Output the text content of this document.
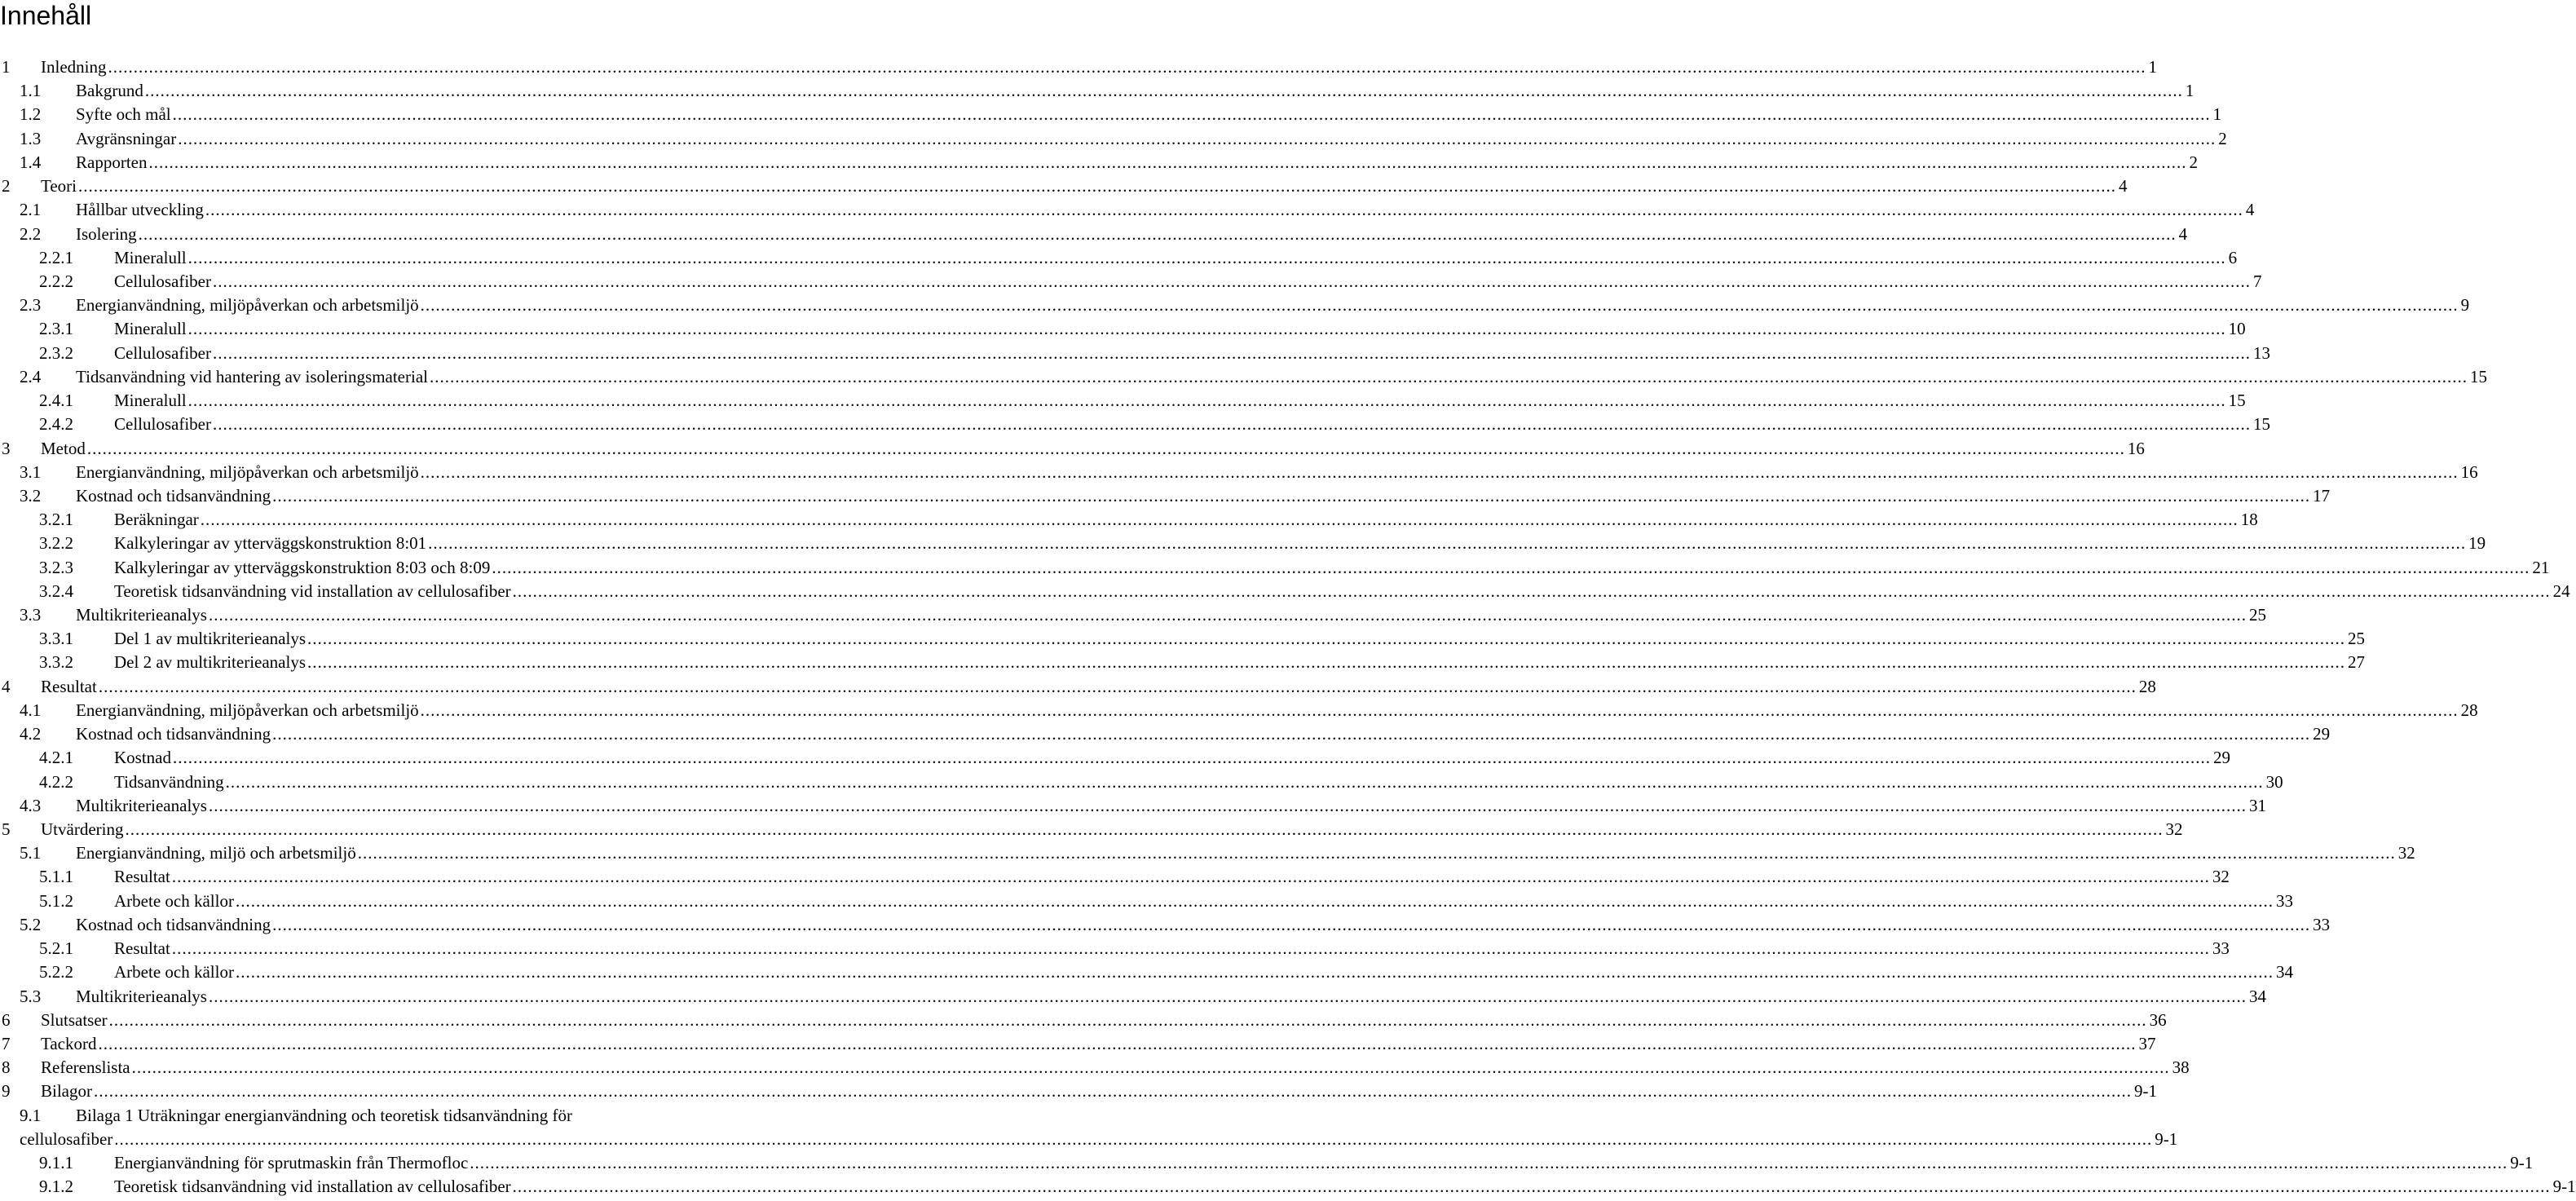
Innehåll
1 Inledning ................................................................................................................................................................................................................................................................................................................................................................................................................ 1
1.1 Bakgrund ................................................................................................................................................................................................................................................................................................................................................................................................................ 1
1.2 Syfte och mål ................................................................................................................................................................................................................................................................................................................................................................................................................ 1
1.3 Avgränsningar ................................................................................................................................................................................................................................................................................................................................................................................................................ 2
1.4 Rapporten ................................................................................................................................................................................................................................................................................................................................................................................................................ 2
2 Teori ................................................................................................................................................................................................................................................................................................................................................................................................................ 4
2.1 Hållbar utveckling ................................................................................................................................................................................................................................................................................................................................................................................................................ 4
2.2 Isolering ................................................................................................................................................................................................................................................................................................................................................................................................................ 4
2.2.1 Mineralull ................................................................................................................................................................................................................................................................................................................................................................................................................ 6
2.2.2 Cellulosafiber ................................................................................................................................................................................................................................................................................................................................................................................................................ 7
2.3 Energianvändning, miljöpåverkan och arbetsmiljö ................................................................................................................................................................................................................................................................................................................................................................................................................ 9
2.3.1 Mineralull ................................................................................................................................................................................................................................................................................................................................................................................................................ 10
2.3.2 Cellulosafiber ................................................................................................................................................................................................................................................................................................................................................................................................................ 13
2.4 Tidsanvändning vid hantering av isoleringsmaterial ................................................................................................................................................................................................................................................................................................................................................................................................................ 15
2.4.1 Mineralull ................................................................................................................................................................................................................................................................................................................................................................................................................ 15
2.4.2 Cellulosafiber ................................................................................................................................................................................................................................................................................................................................................................................................................ 15
3 Metod ................................................................................................................................................................................................................................................................................................................................................................................................................ 16
3.1 Energianvändning, miljöpåverkan och arbetsmiljö ................................................................................................................................................................................................................................................................................................................................................................................................................ 16
3.2 Kostnad och tidsanvändning ................................................................................................................................................................................................................................................................................................................................................................................................................ 17
3.2.1 Beräkningar ................................................................................................................................................................................................................................................................................................................................................................................................................ 18
3.2.2 Kalkyleringar av ytterväggskonstruktion 8:01 ................................................................................................................................................................................................................................................................................................................................................................................................................ 19
3.2.3 Kalkyleringar av ytterväggskonstruktion 8:03 och 8:09 ................................................................................................................................................................................................................................................................................................................................................................................................................ 21
3.2.4 Teoretisk tidsanvändning vid installation av cellulosafiber ................................................................................................................................................................................................................................................................................................................................................................................................................ 24
3.3 Multikriterieanalys ................................................................................................................................................................................................................................................................................................................................................................................................................ 25
3.3.1 Del 1 av multikriterieanalys ................................................................................................................................................................................................................................................................................................................................................................................................................ 25
3.3.2 Del 2 av multikriterieanalys ................................................................................................................................................................................................................................................................................................................................................................................................................ 27
4 Resultat ................................................................................................................................................................................................................................................................................................................................................................................................................ 28
4.1 Energianvändning, miljöpåverkan och arbetsmiljö ................................................................................................................................................................................................................................................................................................................................................................................................................ 28
4.2 Kostnad och tidsanvändning ................................................................................................................................................................................................................................................................................................................................................................................................................ 29
4.2.1 Kostnad ................................................................................................................................................................................................................................................................................................................................................................................................................ 29
4.2.2 Tidsanvändning ................................................................................................................................................................................................................................................................................................................................................................................................................ 30
4.3 Multikriterieanalys ................................................................................................................................................................................................................................................................................................................................................................................................................ 31
5 Utvärdering ................................................................................................................................................................................................................................................................................................................................................................................................................ 32
5.1 Energianvändning, miljö och arbetsmiljö ................................................................................................................................................................................................................................................................................................................................................................................................................ 32
5.1.1 Resultat ................................................................................................................................................................................................................................................................................................................................................................................................................ 32
5.1.2 Arbete och källor ................................................................................................................................................................................................................................................................................................................................................................................................................ 33
5.2 Kostnad och tidsanvändning ................................................................................................................................................................................................................................................................................................................................................................................................................ 33
5.2.1 Resultat ................................................................................................................................................................................................................................................................................................................................................................................................................ 33
5.2.2 Arbete och källor ................................................................................................................................................................................................................................................................................................................................................................................................................ 34
5.3 Multikriterieanalys ................................................................................................................................................................................................................................................................................................................................................................................................................ 34
6 Slutsatser ................................................................................................................................................................................................................................................................................................................................................................................................................ 36
7 Tackord ................................................................................................................................................................................................................................................................................................................................................................................................................ 37
8 Referenslista ................................................................................................................................................................................................................................................................................................................................................................................................................ 38
9 Bilagor ................................................................................................................................................................................................................................................................................................................................................................................................................ 9-1
9.1 Bilaga 1 Uträkningar energianvändning och teoretisk tidsanvändning för
cellulosafiber ................................................................................................................................................................................................................................................................................................................................................................................................................ 9-1
9.1.1 Energianvändning för sprutmaskin från Thermofloc ................................................................................................................................................................................................................................................................................................................................................................................................................ 9-1
9.1.2 Teoretisk tidsanvändning vid installation av cellulosafiber ................................................................................................................................................................................................................................................................................................................................................................................................................ 9-1
